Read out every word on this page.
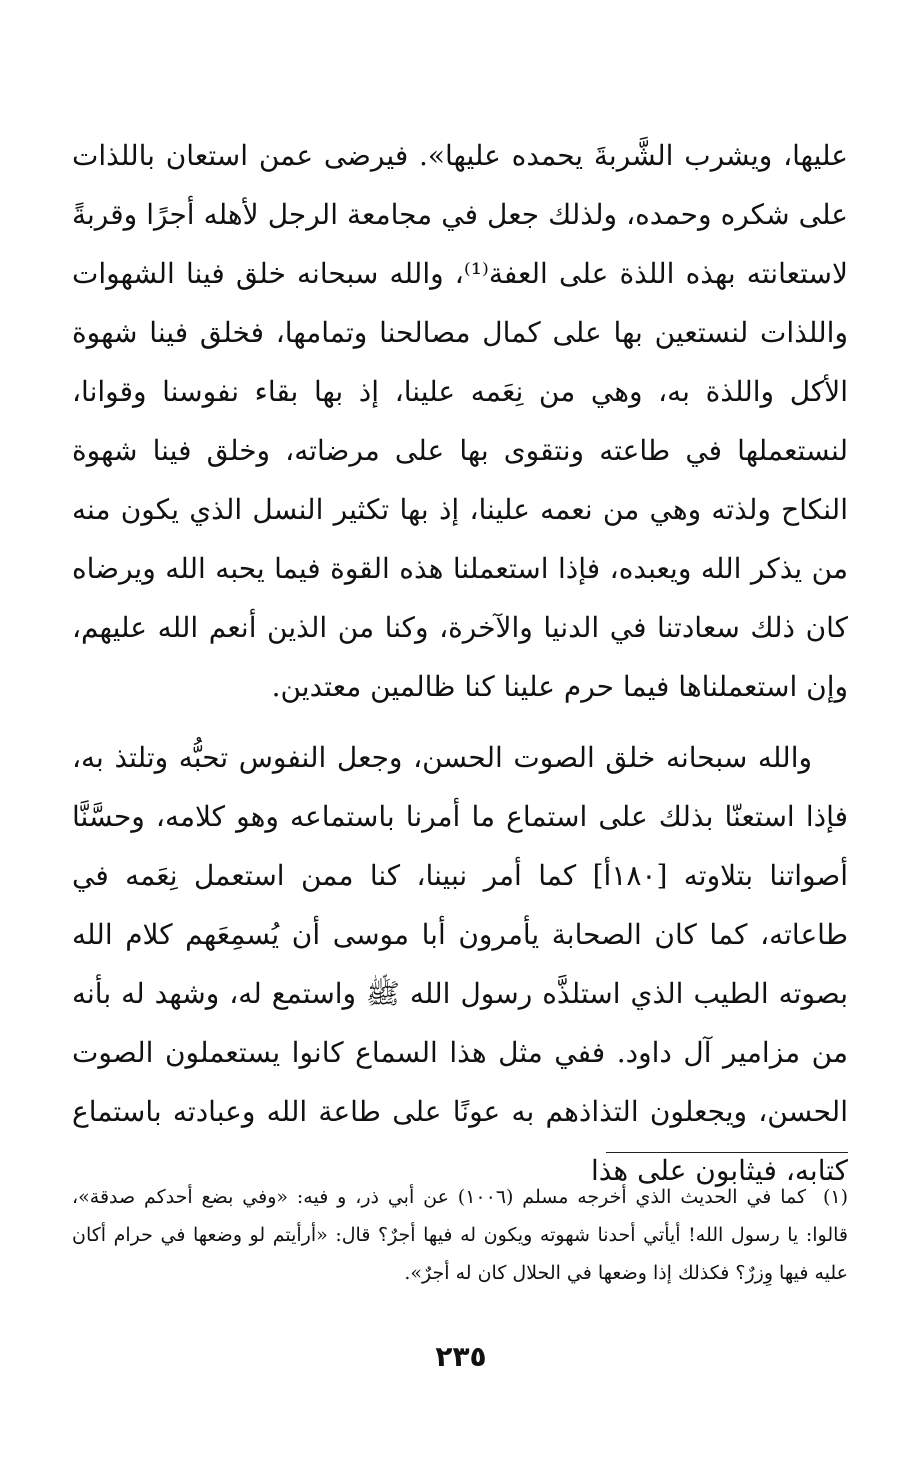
عليها، ويشرب الشَّربةَ يحمده عليها». فيرضى عمن استعان باللذات على شكره وحمده، ولذلك جعل في مجامعة الرجل لأهله أجرًا وقربةً لاستعانته بهذه اللذة على العفة⁽¹⁾، والله سبحانه خلق فينا الشهوات واللذات لنستعين بها على كمال مصالحنا وتمامها، فخلق فينا شهوة الأكل واللذة به، وهي من نِعَمه علينا، إذ بها بقاء نفوسنا وقوانا، لنستعملها في طاعته ونتقوى بها على مرضاته، وخلق فينا شهوة النكاح ولذته وهي من نعمه علينا، إذ بها تكثير النسل الذي يكون منه من يذكر الله ويعبده، فإذا استعملنا هذه القوة فيما يحبه الله ويرضاه كان ذلك سعادتنا في الدنيا والآخرة، وكنا من الذين أنعم الله عليهم، وإن استعملناها فيما حرم علينا كنا ظالمين معتدين.

والله سبحانه خلق الصوت الحسن، وجعل النفوس تحبُّه وتلتذ به، فإذا استعنّا بذلك على استماع ما أمرنا باستماعه وهو كلامه، وحسَّنَّا أصواتنا بتلاوته [١٨٠أ] كما أمر نبينا، كنا ممن استعمل نِعَمه في طاعاته، كما كان الصحابة يأمرون أبا موسى أن يُسمِعَهم كلام الله بصوته الطيب الذي استلذَّه رسول الله ﷺ واستمع له، وشهد له بأنه من مزامير آل داود. ففي مثل هذا السماع كانوا يستعملون الصوت الحسن، ويجعلون التذاذهم به عونًا على طاعة الله وعبادته باستماع كتابه، فيثابون على هذا

(١) كما في الحديث الذي أخرجه مسلم (١٠٠٦) عن أبي ذر، و فيه: «وفي بضع أحدكم صدقة»، قالوا: يا رسول الله! أيأتي أحدنا شهوته ويكون له فيها أجرٌ؟ قال: «أرأيتم لو وضعها في حرام أكان عليه فيها وِزرٌ؟ فكذلك إذا وضعها في الحلال كان له أجرٌ».
٢٣٥
